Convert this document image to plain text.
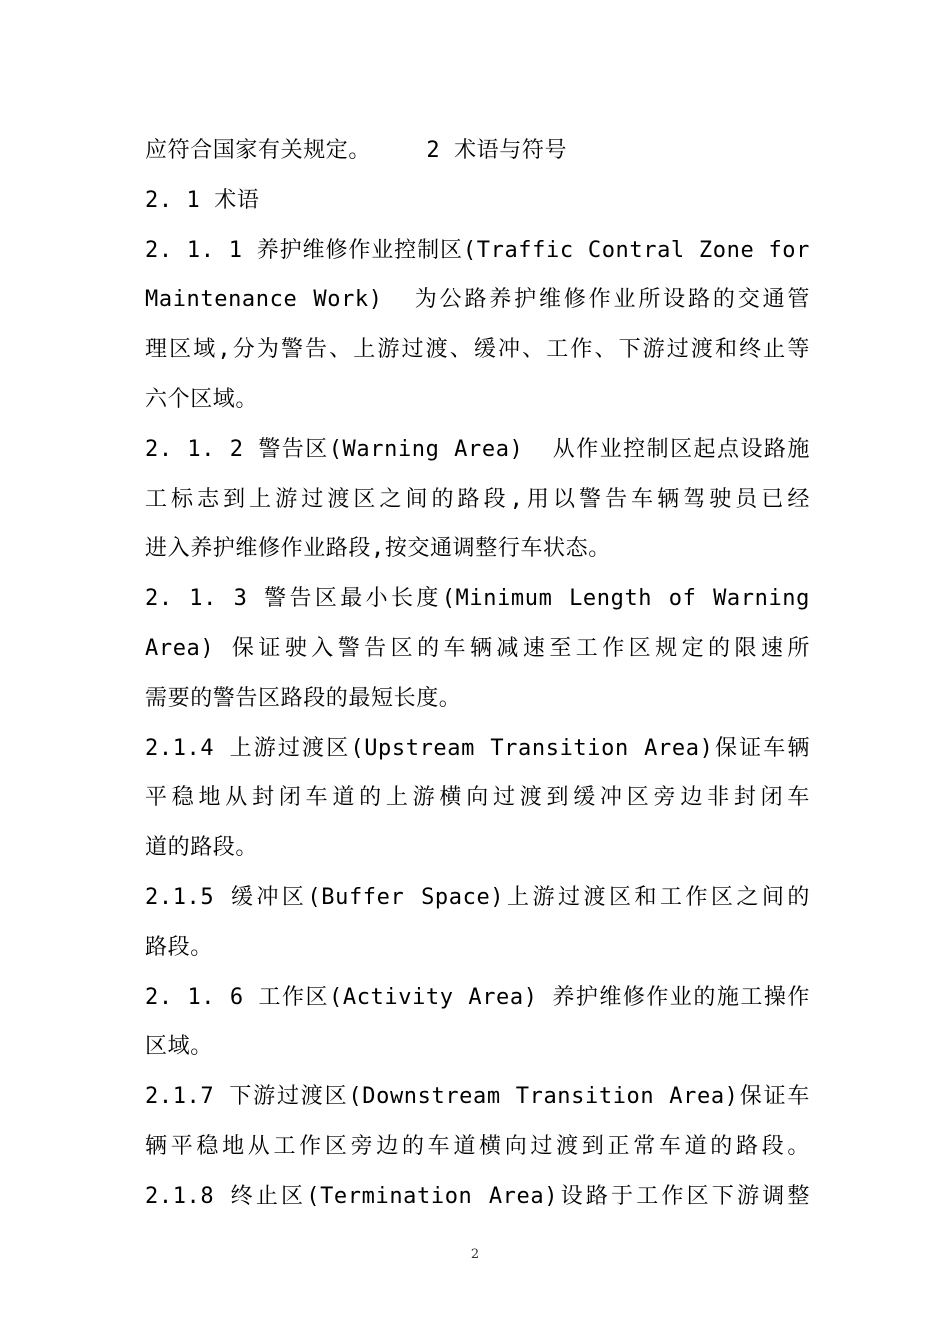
应符合国家有关规定。    2 术语与符号
2. 1 术语
2. 1. 1 养护维修作业控制区(Traffic Contral Zone for
Maintenance Work)  为公路养护维修作业所设路的交通管
理区域,分为警告、上游过渡、缓冲、工作、下游过渡和终止等
六个区域。
2. 1. 2 警告区(Warning Area)  从作业控制区起点设路施
工标志到上游过渡区之间的路段,用以警告车辆驾驶员已经
进入养护维修作业路段,按交通调整行车状态。
2. 1. 3 警告区最小长度(Minimum Length of Warning
Area) 保证驶入警告区的车辆减速至工作区规定的限速所
需要的警告区路段的最短长度。
2.1.4 上游过渡区(Upstream Transition Area)保证车辆
平稳地从封闭车道的上游横向过渡到缓冲区旁边非封闭车
道的路段。
2.1.5 缓冲区(Buffer Space)上游过渡区和工作区之间的
路段。
2. 1. 6 工作区(Activity Area) 养护维修作业的施工操作
区域。
2.1.7 下游过渡区(Downstream Transition Area)保证车
辆平稳地从工作区旁边的车道横向过渡到正常车道的路段。
2.1.8 终止区(Termination Area)设路于工作区下游调整
2
